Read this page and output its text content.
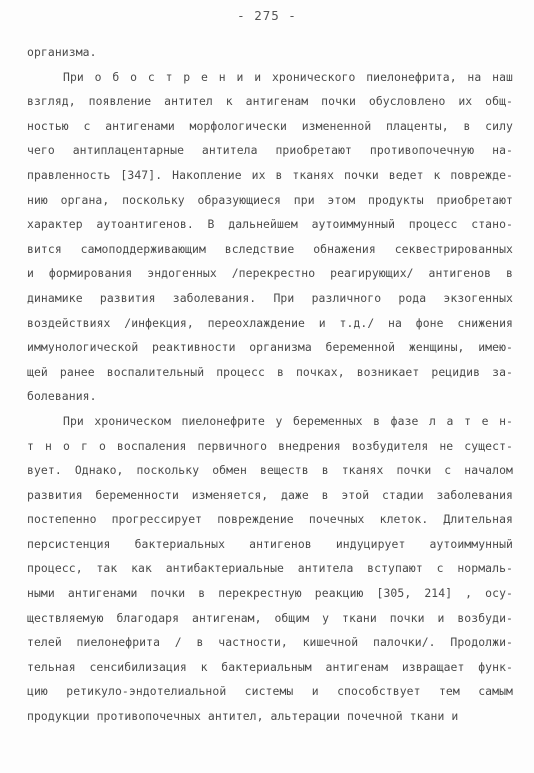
- 275 -
организма.
При о б о с т р е н и и хронического пиелонефрита, на наш
взгляд, появление антител к антигенам почки обусловлено их общ-
ностью с антигенами морфологически измененной плаценты, в силу
чего антиплацентарные антитела приобретают противопочечную на-
правленность [347]. Накопление их в тканях почки ведет к поврежде-
нию органа, поскольку образующиеся при этом продукты приобретают
характер аутоантигенов. В дальнейшем аутоиммунный процесс стано-
вится самоподдерживающим вследствие обнажения секвестрированных
и формирования эндогенных /перекрестно реагирующих/ антигенов в
динамике развития заболевания. При различного рода экзогенных
воздействиях /инфекция, переохлаждение и т.д./ на фоне снижения
иммунологической реактивности организма беременной женщины, имею-
щей ранее воспалительный процесс в почках, возникает рецидив за-
болевания.
При хроническом пиелонефрите у беременных в фазе л а т е н-
т н о г о воспаления первичного внедрения возбудителя не сущест-
вует. Однако, поскольку обмен веществ в тканях почки с началом
развития беременности изменяется, даже в этой стадии заболевания
постепенно прогрессирует повреждение почечных клеток. Длительная
персистенция бактериальных антигенов индуцирует аутоиммунный
процесс, так как антибактериальные антитела вступают с нормаль-
ными антигенами почки в перекрестную реакцию [305, 214] , осу-
ществляемую благодаря антигенам, общим у ткани почки и возбуди-
телей пиелонефрита / в частности, кишечной палочки/. Продолжи-
тельная сенсибилизация к бактериальным антигенам извращает функ-
цию ретикуло-эндотелиальной системы и способствует тем самым
продукции противопочечных антител, альтерации почечной ткани и
